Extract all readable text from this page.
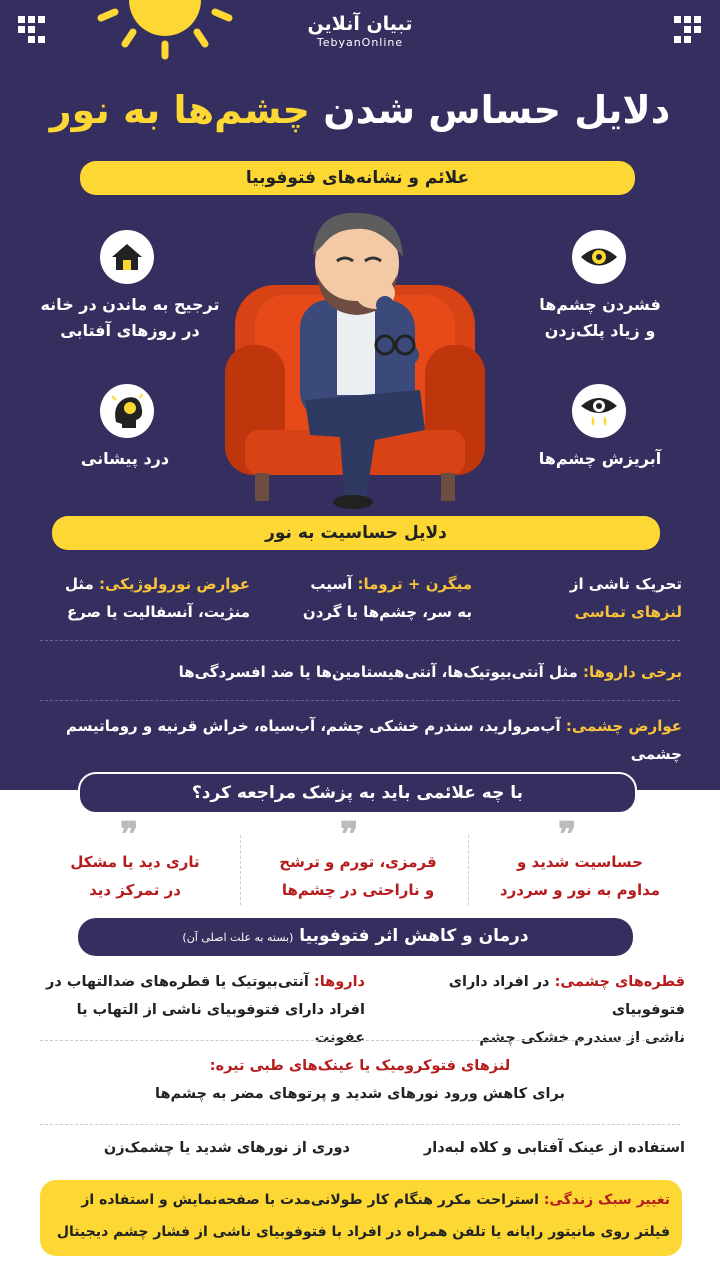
تبیان آنلاین
TebyanOnline
دلایل حساس شدن چشم‌ها به نور
علائم و نشانه‌های فتوفوبیا
فشردن چشم‌ها
و زیاد پلک‌زدن
ترجیح به ماندن در خانه
در روزهای آفتابی
آبریزش چشم‌ها
درد پیشانی
دلایل حساسیت به نور
تحریک ناشی از
لنزهای تماسی
میگرن + تروما: آسیب
به سر، چشم‌ها یا گردن
عوارض نورولوژیکی: مثل
منژیت، آنسفالیت یا صرع
برخی داروها: مثل آنتی‌بیوتیک‌ها، آنتی‌هیستامین‌ها یا ضد افسردگی‌ها
عوارض چشمی: آب‌مروارید، سندرم خشکی چشم، آب‌سیاه، خراش قرنیه و روماتیسم چشمی
با چه علائمی باید به پزشک مراجعه کرد؟
❞
❞
❞
حساسیت شدید و
مداوم به نور و سردرد
قرمزی، تورم و ترشح
و ناراحتی در چشم‌ها
تاری دید یا مشکل
در تمرکز دید
درمان و کاهش اثر فتوفوبیا (بسته به علت اصلی آن)
قطره‌های چشمی: در افراد دارای فتوفوبیای
ناشی از سندرم خشکی چشم
داروها: آنتی‌بیوتیک یا قطره‌های ضدالتهاب در
افراد دارای فتوفوبیای ناشی از التهاب یا عفونت
لنزهای فتوکرومیک یا عینک‌های طبی تیره:
برای کاهش ورود نورهای شدید و پرتوهای مضر به چشم‌ها
استفاده از عینک آفتابی و کلاه لبه‌دار
دوری از نورهای شدید یا چشمک‌زن
تغییر سبک زندگی: استراحت مکرر هنگام کار طولانی‌مدت با صفحه‌نمایش و استفاده از
فیلتر روی مانیتور رایانه یا تلفن همراه در افراد با فتوفوبیای ناشی از فشار چشم دیجیتال
